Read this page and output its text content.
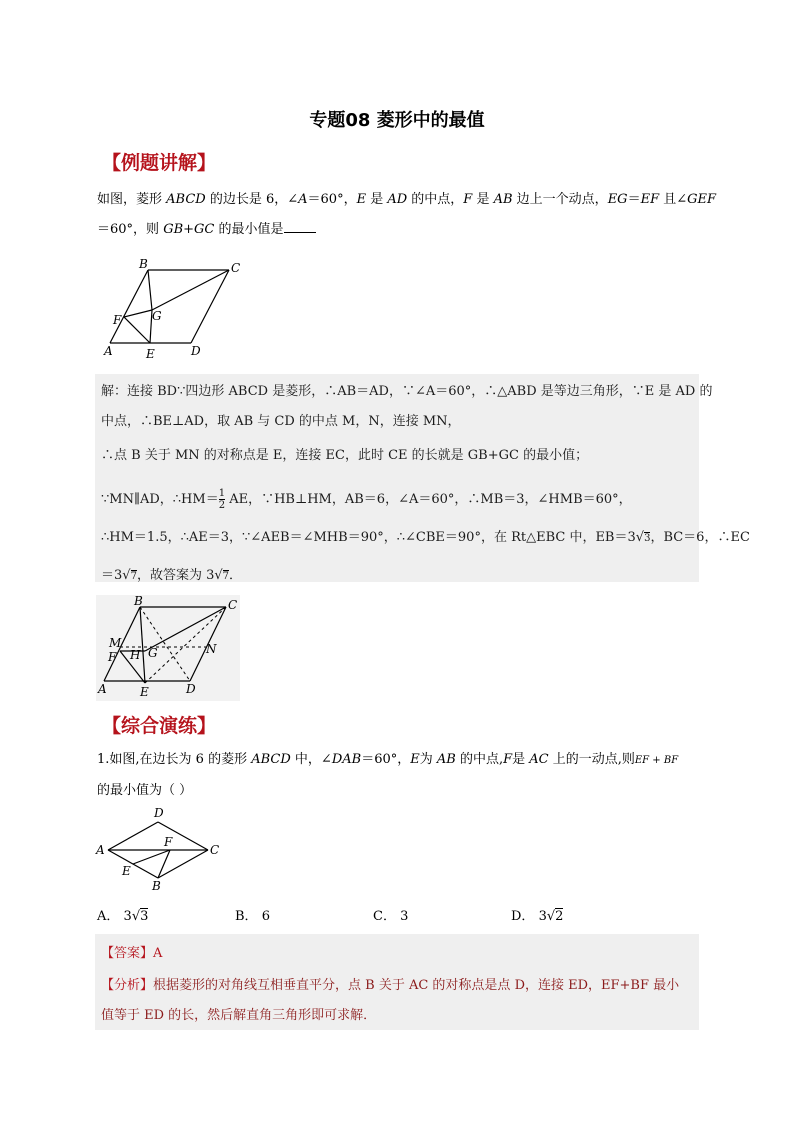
专题08 菱形中的最值
【例题讲解】
如图，菱形 ABCD 的边长是 6，∠A＝60°，E 是 AD 的中点，F 是 AB 边上一个动点，EG＝EF 且∠GEF
＝60°，则 GB+GC 的最小值是
A
B	C
D
E
F	G
解：连接 BD∵四边形 ABCD 是菱形，∴AB＝AD，∵∠A＝60°，∴△ABD 是等边三角形，∵E 是 AD 的
中点，∴BE⊥AD，取 AB 与 CD 的中点 M，N，连接 MN，
∴点 B 关于 MN 的对称点是 E，连接 EC，此时 CE 的长就是 GB+GC 的最小值；
∵MN∥AD，∴HM＝ $\frac{1}{2}$ AE，∵HB⊥HM，AB＝6，∠A＝60°，∴MB＝3，∠HMB＝60°，
∴HM＝1.5，∴AE＝3，∵∠AEB＝∠MHB＝90°，∴∠CBE＝90°，在 Rt△EBC 中，EB＝3√3，BC＝6，∴EC
＝3√7，故答案为 3√7．
A
B	C
D
E
F	G
H
M	N
【综合演练】
1.如图,在边长为 6 的菱形 ABCD 中，∠DAB＝60°，E为 AB 的中点,F是 AC 上的一动点,则EF + BF
的最小值为（ ）
A
D
C
B
E
F
A． 3√3	B． 6	C． 3	D． 3√2
【答案】A
【分析】根据菱形的对角线互相垂直平分，点 B 关于 AC 的对称点是点 D，连接 ED，EF+BF 最小
值等于 ED 的长，然后解直角三角形即可求解．
